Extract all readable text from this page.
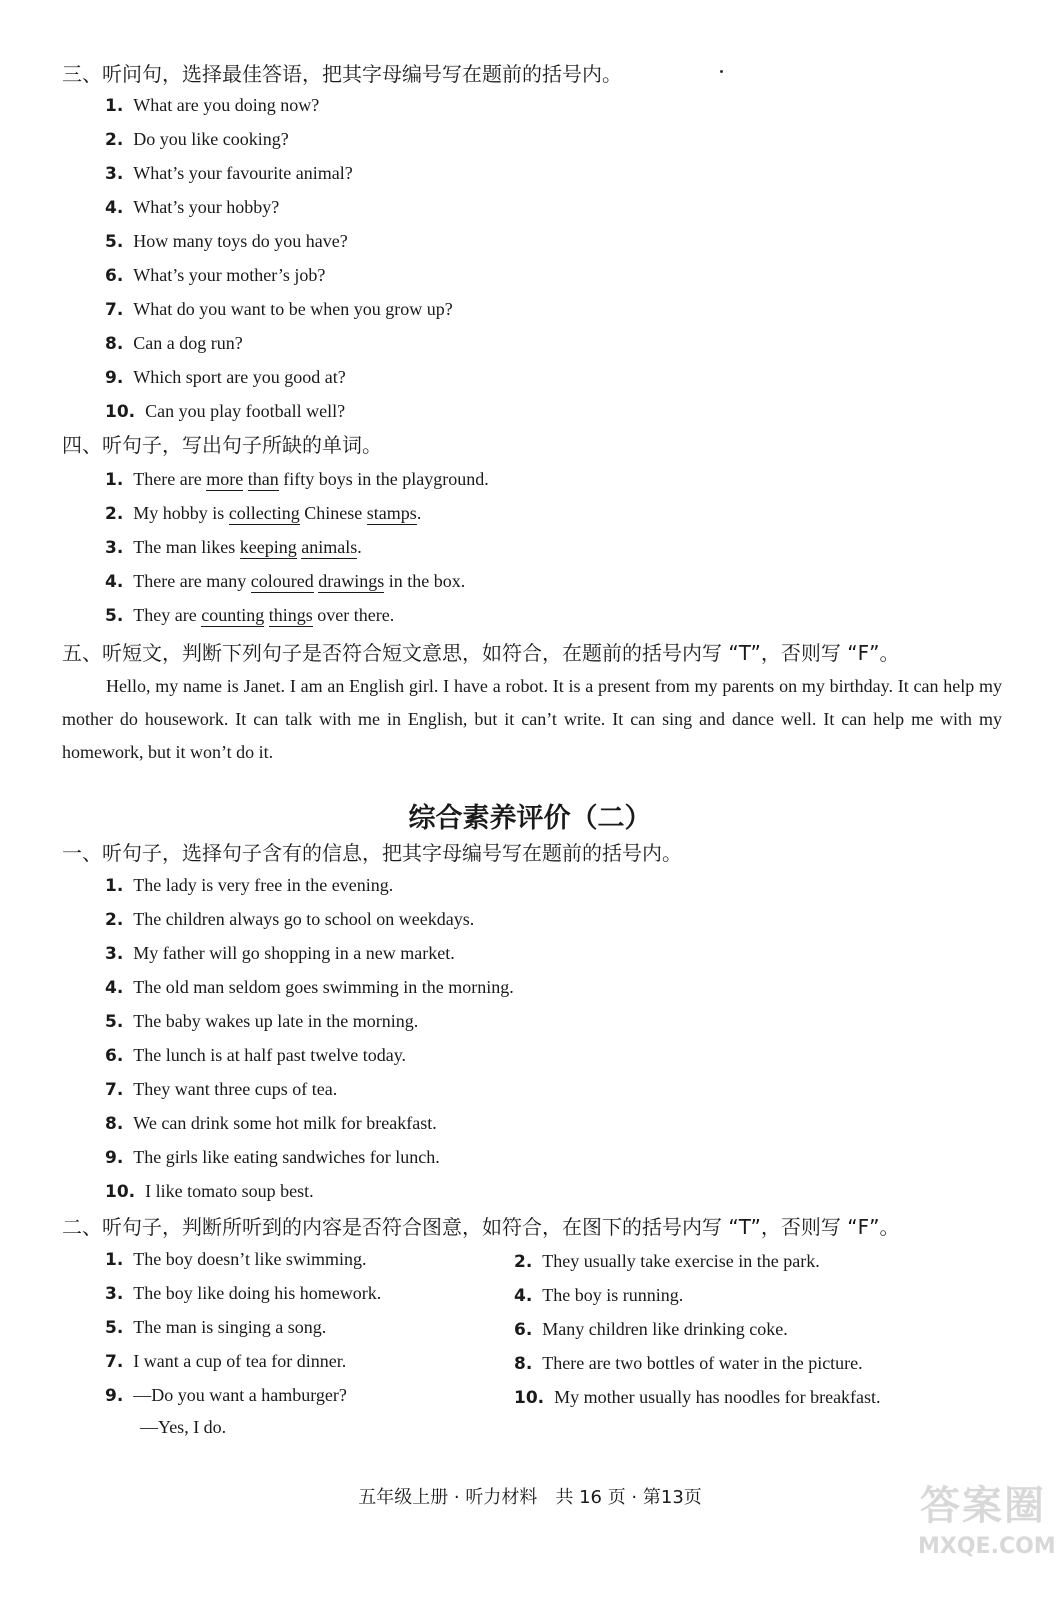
三、听问句，选择最佳答语，把其字母编号写在题前的括号内。
1. What are you doing now?
2. Do you like cooking?
3. What’s your favourite animal?
4. What’s your hobby?
5. How many toys do you have?
6. What’s your mother’s job?
7. What do you want to be when you grow up?
8. Can a dog run?
9. Which sport are you good at?
10. Can you play football well?
四、听句子，写出句子所缺的单词。
1. There are more than fifty boys in the playground.
2. My hobby is collecting Chinese stamps.
3. The man likes keeping animals.
4. There are many coloured drawings in the box.
5. They are counting things over there.
五、听短文，判断下列句子是否符合短文意思，如符合，在题前的括号内写 “T”，否则写 “F”。
Hello, my name is Janet. I am an English girl. I have a robot. It is a present from my parents on my birthday. It can help my mother do housework. It can talk with me in English, but it can’t write. It can sing and dance well. It can help me with my homework, but it won’t do it.
综合素养评价（二）
一、听句子，选择句子含有的信息，把其字母编号写在题前的括号内。
1. The lady is very free in the evening.
2. The children always go to school on weekdays.
3. My father will go shopping in a new market.
4. The old man seldom goes swimming in the morning.
5. The baby wakes up late in the morning.
6. The lunch is at half past twelve today.
7. They want three cups of tea.
8. We can drink some hot milk for breakfast.
9. The girls like eating sandwiches for lunch.
10. I like tomato soup best.
二、听句子，判断所听到的内容是否符合图意，如符合，在图下的括号内写 “T”，否则写 “F”。
1. The boy doesn’t like swimming.
3. The boy like doing his homework.
5. The man is singing a song.
7. I want a cup of tea for dinner.
9. —Do you want a hamburger?
2. They usually take exercise in the park.
4. The boy is running.
6. Many children like drinking coke.
8. There are two bottles of water in the picture.
10. My mother usually has noodles for breakfast.
—Yes, I do.
五年级上册 · 听力材料　共 16 页 · 第13页	答案圈
MXQE.COM
